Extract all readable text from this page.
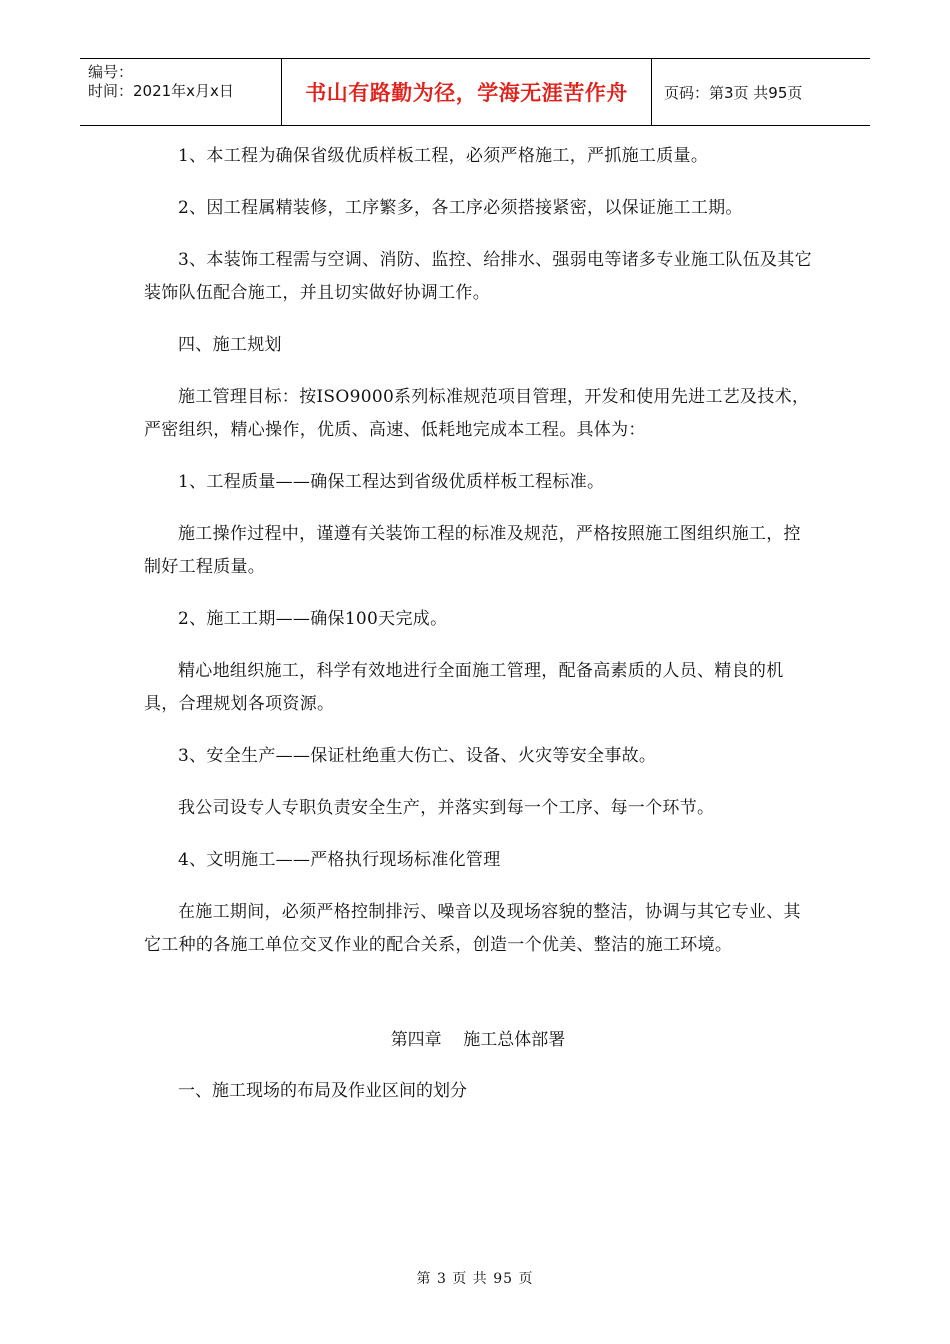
编号：
时间：2021年x月x日	书山有路勤为径，学海无涯苦作舟	页码：第3页 共95页

1、本工程为确保省级优质样板工程，必须严格施工，严抓施工质量。

2、因工程属精装修，工序繁多，各工序必须搭接紧密，以保证施工工期。

3、本装饰工程需与空调、消防、监控、给排水、强弱电等诸多专业施工队伍及其它装饰队伍配合施工，并且切实做好协调工作。

四、施工规划

施工管理目标：按ISO9000系列标准规范项目管理，开发和使用先进工艺及技术，严密组织，精心操作，优质、高速、低耗地完成本工程。具体为：

1、工程质量——确保工程达到省级优质样板工程标准。

施工操作过程中，谨遵有关装饰工程的标准及规范，严格按照施工图组织施工，控制好工程质量。

2、施工工期——确保100天完成。

精心地组织施工，科学有效地进行全面施工管理，配备高素质的人员、精良的机具，合理规划各项资源。

3、安全生产——保证杜绝重大伤亡、设备、火灾等安全事故。

我公司设专人专职负责安全生产，并落实到每一个工序、每一个环节。

4、文明施工——严格执行现场标准化管理

在施工期间，必须严格控制排污、噪音以及现场容貌的整洁，协调与其它专业、其它工种的各施工单位交叉作业的配合关系，创造一个优美、整洁的施工环境。

第四章    施工总体部署

一、施工现场的布局及作业区间的划分

第 3 页 共 95 页
